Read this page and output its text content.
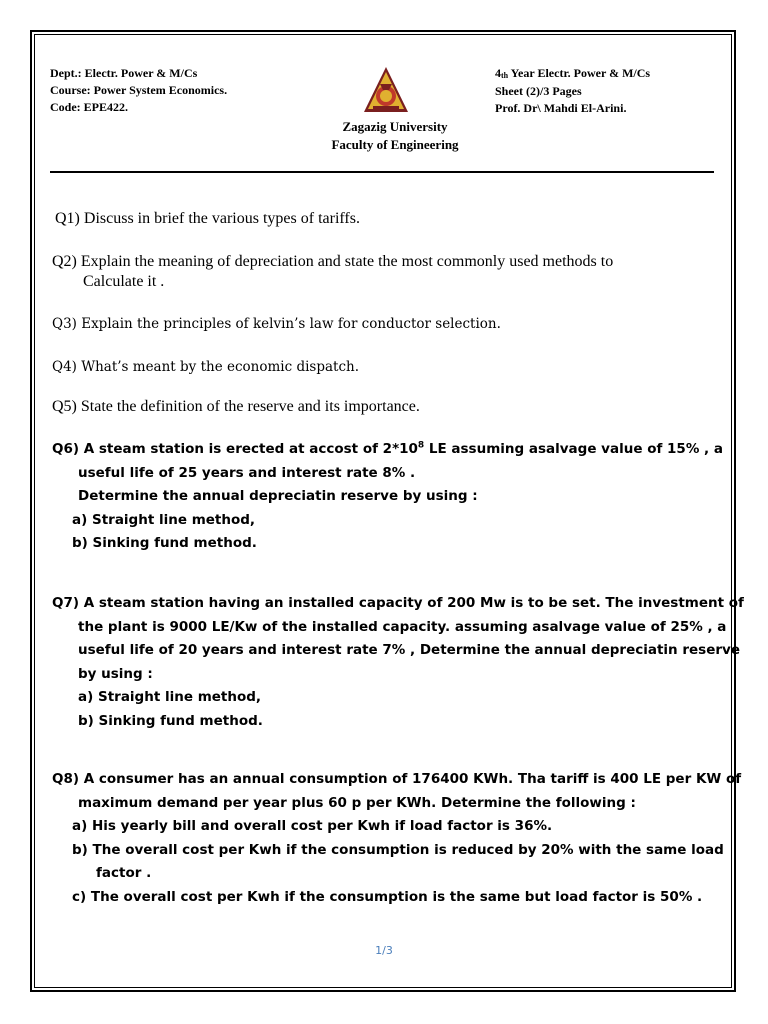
Dept.: Electr. Power & M/Cs
Course: Power System Economics.
Code: EPE422.
4th Year Electr. Power & M/Cs
Sheet (2)/3 Pages
Prof. Dr\ Mahdi El-Arini.
Zagazig University
Faculty of Engineering
Q1) Discuss in brief the various types of tariffs.
Q2) Explain the meaning of depreciation and state the most commonly used methods to
Calculate it .
Q3) Explain the principles of kelvin’s law for conductor selection.
Q4) What’s meant by the economic dispatch.
Q5) State the definition of the reserve and its importance.
Q6) A steam station is erected at accost of $2*10^8$ LE assuming asalvage value of 15% , a
useful life of 25 years and interest rate 8% .
Determine the annual depreciatin reserve by using :
a) Straight line method,
b) Sinking fund method.
Q7) A steam station having an installed capacity of 200 Mw is to be set. The investment of
the plant is 9000 LE/Kw of the installed capacity. assuming asalvage value of 25% , a
useful life of 20 years and interest rate 7% , Determine the annual depreciatin reserve
by using :
a) Straight line method,
b) Sinking fund method.
Q8) A consumer has an annual consumption of 176400 KWh. Tha tariff is 400 LE per KW of
maximum demand per year plus 60 p per KWh. Determine the following :
a) His yearly bill and overall cost per Kwh if load factor is 36%.
b) The overall cost per Kwh if the consumption is reduced by 20% with the same load
factor .
c) The overall cost per Kwh if the consumption is the same but load factor is 50% .
1/3
